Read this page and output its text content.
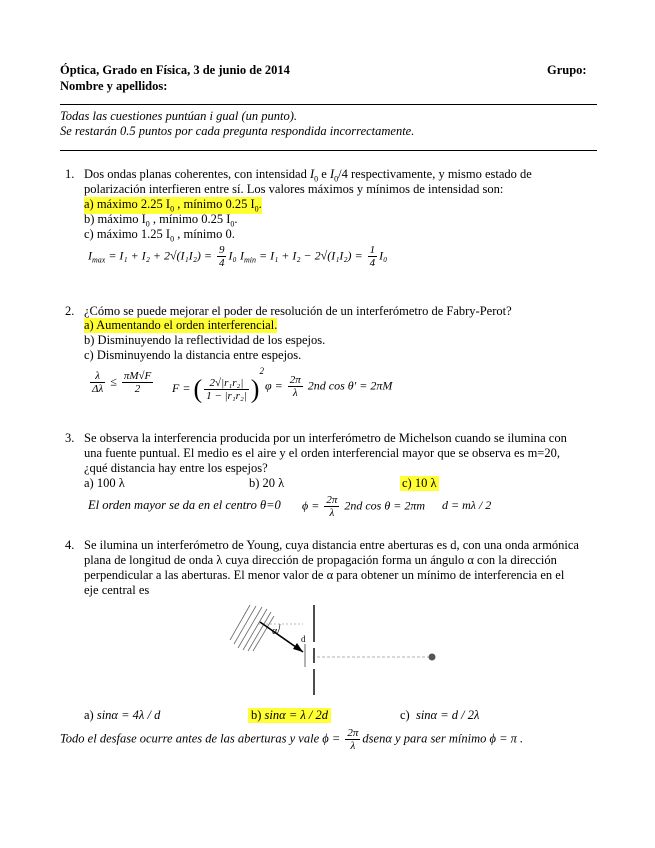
Óptica, Grado en Física, 3 de junio de 2014	Grupo:
Nombre y apellidos:
Todas las cuestiones puntúan i gual (un punto).
Se restarán 0.5 puntos por cada pregunta respondida incorrectamente.
1. Dos ondas planas coherentes, con intensidad $I_0$ e $I_0/4$ respectivamente, y mismo estado de
polarización interfieren entre sí. Los valores máximos y mínimos de intensidad son:
a) máximo 2.25 $I_0$ , mínimo 0.25 $I_0$.
b) máximo $I_0$ , mínimo 0.25 $I_0$.
c) máximo 1.25 $I_0$ , mínimo 0.
$I_{max} = I_1 + I_2 + 2√(I_1I_2) = \frac{9}{4} I_0$ $I_{min} = I_1 + I_2 - 2√(I_1I_2) = \frac{1}{4} I_0$
2. ¿Cómo se puede mejorar el poder de resolución de un interferómetro de Fabry-Perot?
a) Aumentando el orden interferencial.
b) Disminuyendo la reflectividad de los espejos.
c) Disminuyendo la distancia entre espejos.
$\frac{\lambda}{\Delta\lambda} \le \frac{\pi M√F}{2}$ F = ( $\frac{\text{2√|r₁r₂|}}{\text{1 − |r₁r₂|}} )^2$
$\varphi = \frac{2\pi}{\lambda} 2nd$ cos θ′ = 2πM
3. Se observa la interferencia producida por un interferómetro de Michelson cuando se ilumina con
una fuente puntual. El medio es el aire y el orden interferencial mayor que se observa es m=20,
¿qué distancia hay entre los espejos?
a) 100 λ	b) 20 λ	c) 10 λ
El orden mayor se da en el centro θ=0 $\phi = \frac{2\pi}{\lambda} 2nd$ cos θ = 2πm d = mλ / 2
4. Se ilumina un interferómetro de Young, cuya distancia entre aberturas es d, con una onda armónica
plana de longitud de onda λ cuya dirección de propagación forma un ángulo α con la dirección
perpendicular a las aberturas. El menor valor de α para obtener un mínimo de interferencia en el
eje central es
α
d
a) sinα = 4λ / d	b) sinα = λ / 2d	c) sinα = d / 2λ
Todo el desfase ocurre antes de las aberturas y vale $\phi = \frac{2\pi}{\lambda}$ dsenα y para ser mínimo ϕ = π .
